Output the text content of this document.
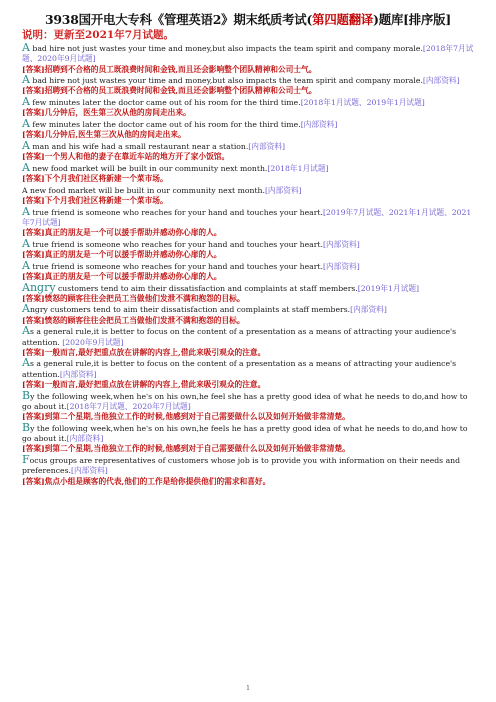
3938国开电大专科《管理英语2》期末纸质考试(第四题翻译)题库[排序版]
说明：更新至2021年7月试题。
A bad hire not just wastes your time and money,but also impacts the team spirit and company morale.[2018年7月试题、2020年9月试题]
[答案]招聘到不合格的员工既浪费时间和金钱,而且还会影响整个团队精神和公司士气。
A bad hire not just wastes your time and money,but also impacts the team spirit and company morale.[内部资料]
[答案]招聘到不合格的员工既浪费时间和金钱,而且还会影响整个团队精神和公司士气。
A few minutes later the doctor came out of his room for the third time.[2018年1月试题、2019年1月试题]
[答案]几分钟后，医生第三次从他的房间走出来。
A few minutes later the doctor came out of his room for the third time.[内部资料]
[答案]几分钟后,医生第三次从他的房间走出来。
A man and his wife had a small restaurant near a station.[内部资料]
[答案]一个男人和他的妻子在靠近车站的地方开了家小饭馆。
A new food market will be built in our community next month.[2018年1月试题]
[答案]下个月我们社区将新建一个菜市场。
A new food market will be built in our community next month.[内部资料]
[答案]下个月我们社区将新建一个菜市场。
A true friend is someone who reaches for your hand and touches your heart.[2019年7月试题、2021年1月试题、2021年7月试题]
[答案]真正的朋友是一个可以援手帮助并感动你心扉的人。
A true friend is someone who reaches for your hand and touches your heart.[内部资料]
[答案]真正的朋友是一个可以援手帮助并感动你心扉的人。
A true friend is someone who reaches for your hand and touches your heart.[内部资料]
[答案]真正的朋友是一个可以援手帮助并感动你心扉的人。
Angry customers tend to aim their dissatisfaction and complaints at staff members.[2019年1月试题]
[答案]愤怒的顾客往往会把员工当做他们发泄不满和抱怨的目标。
Angry customers tend to aim their dissatisfaction and complaints at staff members.[内部资料]
[答案]愤怒的顾客往往会把员工当做他们发泄不满和抱怨的目标。
As a general rule,it is better to focus on the content of a presentation as a means of attracting your audience's attention. [2020年9月试题]
[答案]一般而言,最好把重点放在讲解的内容上,借此来吸引观众的注意。
As a general rule,it is better to focus on the content of a presentation as a means of attracting your audience's attention.[内部资料]
[答案]一般而言,最好把重点放在讲解的内容上,借此来吸引观众的注意。
By the following week,when he's on his own,he feel she has a pretty good idea of what he needs to do,and how to go about it.[2018年7月试题、2020年7月试题]
[答案]到第二个星期,当他独立工作的时候,他感到对于自己需要做什么以及如何开始做非常清楚。
By the following week,when he's on his own,he feels he has a pretty good idea of what he needs to do,and how to go about it.[内部资料]
[答案]到第二个星期,当他独立工作的时候,他感到对于自己需要做什么以及如何开始做非常清楚。
Focus groups are representatives of customers whose job is to provide you with information on their needs and preferences.[内部资料]
[答案]焦点小组是顾客的代表,他们的工作是给你提供他们的需求和喜好。
1
